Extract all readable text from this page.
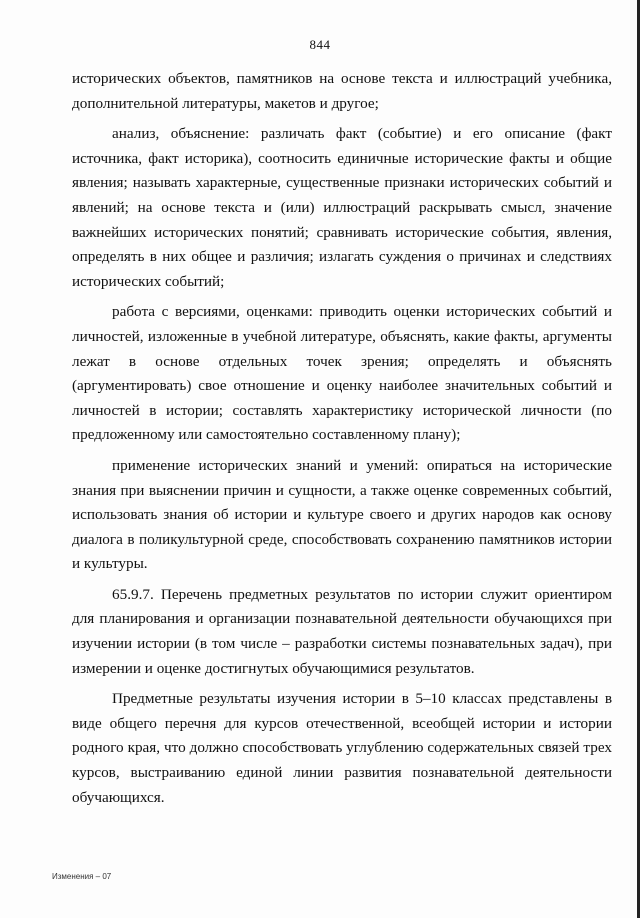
844

исторических объектов, памятников на основе текста и иллюстраций учебника, дополнительной литературы, макетов и другое;

анализ, объяснение: различать факт (событие) и его описание (факт источника, факт историка), соотносить единичные исторические факты и общие явления; называть характерные, существенные признаки исторических событий и явлений; на основе текста и (или) иллюстраций раскрывать смысл, значение важнейших исторических понятий; сравнивать исторические события, явления, определять в них общее и различия; излагать суждения о причинах и следствиях исторических событий;

работа с версиями, оценками: приводить оценки исторических событий и личностей, изложенные в учебной литературе, объяснять, какие факты, аргументы лежат в основе отдельных точек зрения; определять и объяснять (аргументировать) свое отношение и оценку наиболее значительных событий и личностей в истории; составлять характеристику исторической личности (по предложенному или самостоятельно составленному плану);

применение исторических знаний и умений: опираться на исторические знания при выяснении причин и сущности, а также оценке современных событий, использовать знания об истории и культуре своего и других народов как основу диалога в поликультурной среде, способствовать сохранению памятников истории и культуры.

65.9.7. Перечень предметных результатов по истории служит ориентиром для планирования и организации познавательной деятельности обучающихся при изучении истории (в том числе – разработки системы познавательных задач), при измерении и оценке достигнутых обучающимися результатов.

Предметные результаты изучения истории в 5–10 классах представлены в виде общего перечня для курсов отечественной, всеобщей истории и истории родного края, что должно способствовать углублению содержательных связей трех курсов, выстраиванию единой линии развития познавательной деятельности обучающихся.

Изменения – 07
